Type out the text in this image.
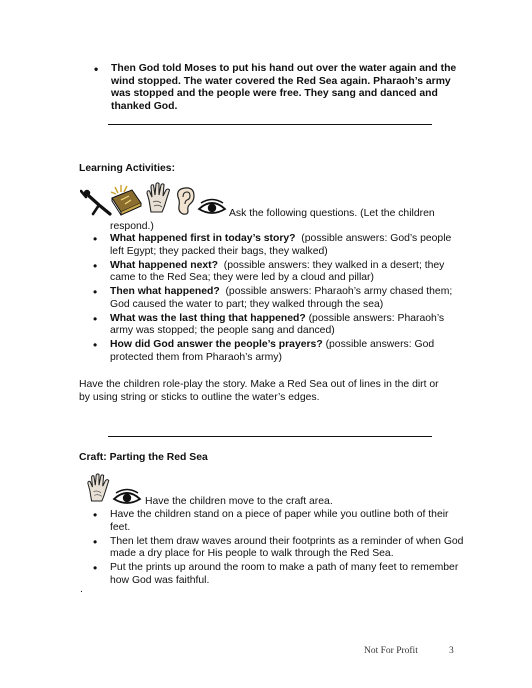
• Then God told Moses to put his hand out over the water again and the wind stopped. The water covered the Red Sea again. Pharaoh’s army was stopped and the people were free. They sang and danced and thanked God.
Learning Activities:
Ask the following questions. (Let the children respond.)
• What happened first in today’s story? (possible answers: God’s people left Egypt; they packed their bags, they walked)
• What happened next? (possible answers: they walked in a desert; they came to the Red Sea; they were led by a cloud and pillar)
• Then what happened? (possible answers: Pharaoh’s army chased them; God caused the water to part; they walked through the sea)
• What was the last thing that happened? (possible answers: Pharaoh’s army was stopped; the people sang and danced)
• How did God answer the people’s prayers? (possible answers: God protected them from Pharaoh’s army)
Have the children role-play the story. Make a Red Sea out of lines in the dirt or by using string or sticks to outline the water’s edges.
Craft: Parting the Red Sea
Have the children move to the craft area.
• Have the children stand on a piece of paper while you outline both of their feet.
• Then let them draw waves around their footprints as a reminder of when God made a dry place for His people to walk through the Red Sea.
• Put the prints up around the room to make a path of many feet to remember how God was faithful.
.
Not For Profit	3
